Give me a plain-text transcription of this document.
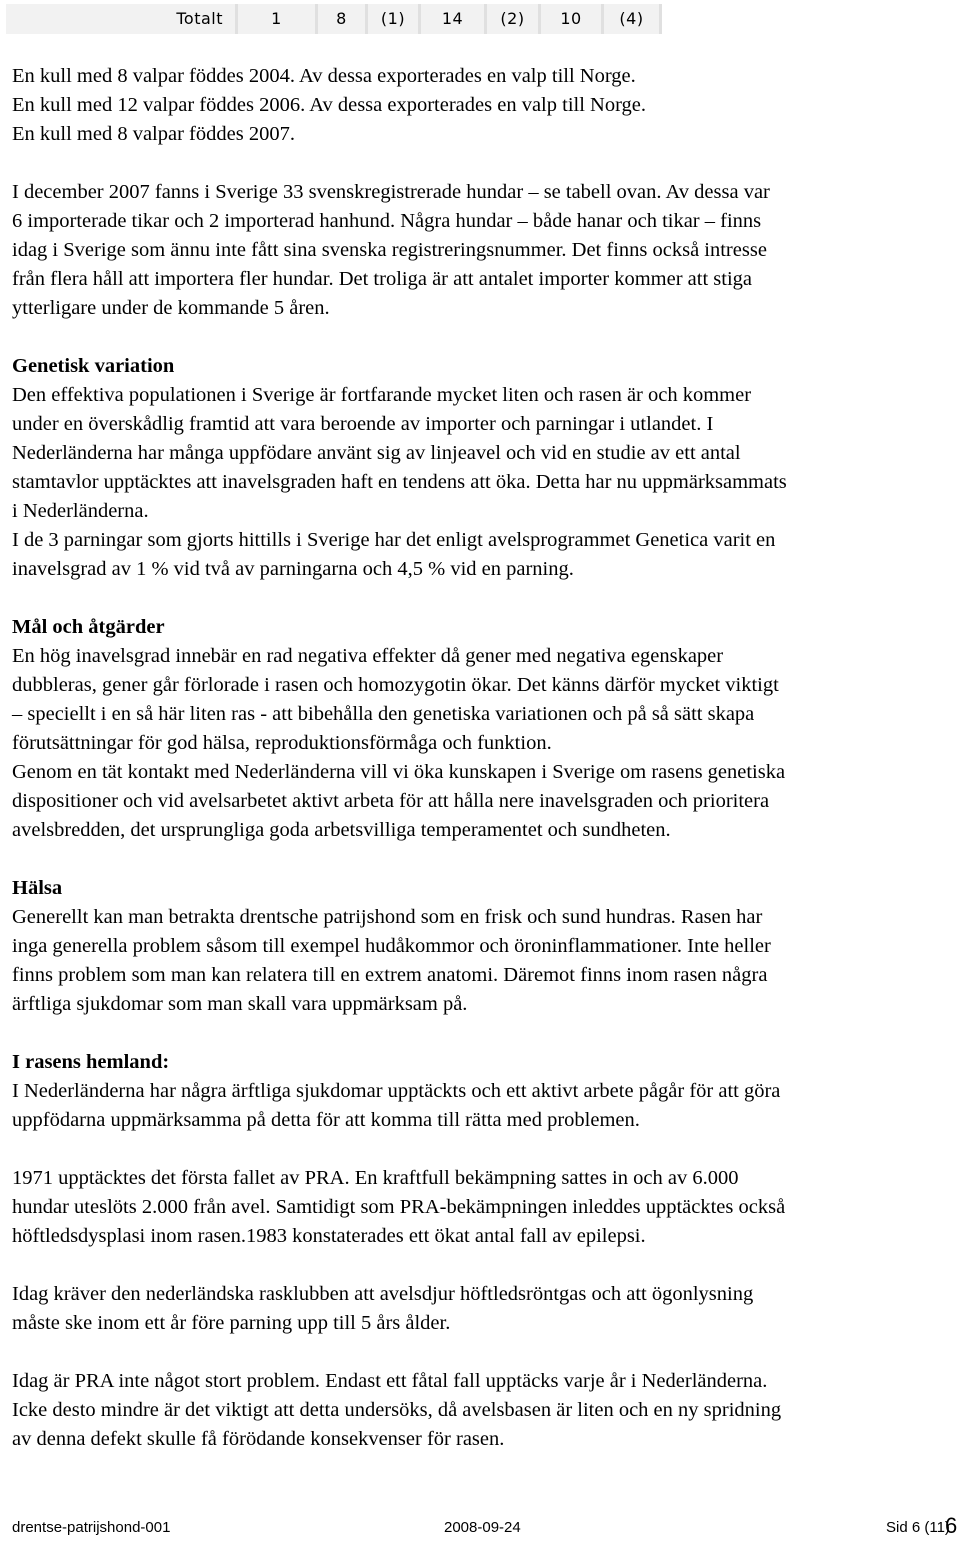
Totalt	1	8	(1)	14	(2)	10	(4)

En kull med 8 valpar föddes 2004. Av dessa exporterades en valp till Norge.

En kull med 12 valpar föddes 2006. Av dessa exporterades en valp till Norge.

En kull med 8 valpar föddes 2007.

I december 2007 fanns i Sverige 33 svenskregistrerade hundar – se tabell ovan. Av dessa var

6 importerade tikar och 2 importerad hanhund. Några hundar – både hanar och tikar – finns

idag i Sverige som ännu inte fått sina svenska registreringsnummer. Det finns också intresse

från flera håll att importera fler hundar. Det troliga är att antalet importer kommer att stiga

ytterligare under de kommande 5 åren.

Genetisk variation

Den effektiva populationen i Sverige är fortfarande mycket liten och rasen är och kommer

under en överskådlig framtid att vara beroende av importer och parningar i utlandet. I

Nederländerna har många uppfödare använt sig av linjeavel och vid en studie av ett antal

stamtavlor upptäcktes att inavelsgraden haft en tendens att öka. Detta har nu uppmärksammats

i Nederländerna.

I de 3 parningar som gjorts hittills i Sverige har det enligt avelsprogrammet Genetica varit en

inavelsgrad av 1 % vid två av parningarna och 4,5 % vid en parning.

Mål och åtgärder

En hög inavelsgrad innebär en rad negativa effekter då gener med negativa egenskaper

dubbleras, gener går förlorade i rasen och homozygotin ökar. Det känns därför mycket viktigt

– speciellt i en så här liten ras - att bibehålla den genetiska variationen och på så sätt skapa

förutsättningar för god hälsa, reproduktionsförmåga och funktion.

Genom en tät kontakt med Nederländerna vill vi öka kunskapen i Sverige om rasens genetiska

dispositioner och vid avelsarbetet aktivt arbeta för att hålla nere inavelsgraden och prioritera

avelsbredden, det ursprungliga goda arbetsvilliga temperamentet och sundheten.

Hälsa

Generellt kan man betrakta drentsche patrijshond som en frisk och sund hundras. Rasen har

inga generella problem såsom till exempel hudåkommor och öroninflammationer. Inte heller

finns problem som man kan relatera till en extrem anatomi. Däremot finns inom rasen några

ärftliga sjukdomar som man skall vara uppmärksam på.

I rasens hemland:

I Nederländerna har några ärftliga sjukdomar upptäckts och ett aktivt arbete pågår för att göra

uppfödarna uppmärksamma på detta för att komma till rätta med problemen.

1971 upptäcktes det första fallet av PRA. En kraftfull bekämpning sattes in och av 6.000

hundar uteslöts 2.000 från avel. Samtidigt som PRA-bekämpningen inleddes upptäcktes också

höftledsdysplasi inom rasen.1983 konstaterades ett ökat antal fall av epilepsi.

Idag kräver den nederländska rasklubben att avelsdjur höftledsröntgas och att ögonlysning

måste ske inom ett år före parning upp till 5 års ålder.

Idag är PRA inte något stort problem. Endast ett fåtal fall upptäcks varje år i Nederländerna.

Icke desto mindre är det viktigt att detta undersöks, då avelsbasen är liten och en ny spridning

av denna defekt skulle få förödande konsekvenser för rasen.

drentse-patrijshond-001	2008-09-24	Sid 6 (11)
6
